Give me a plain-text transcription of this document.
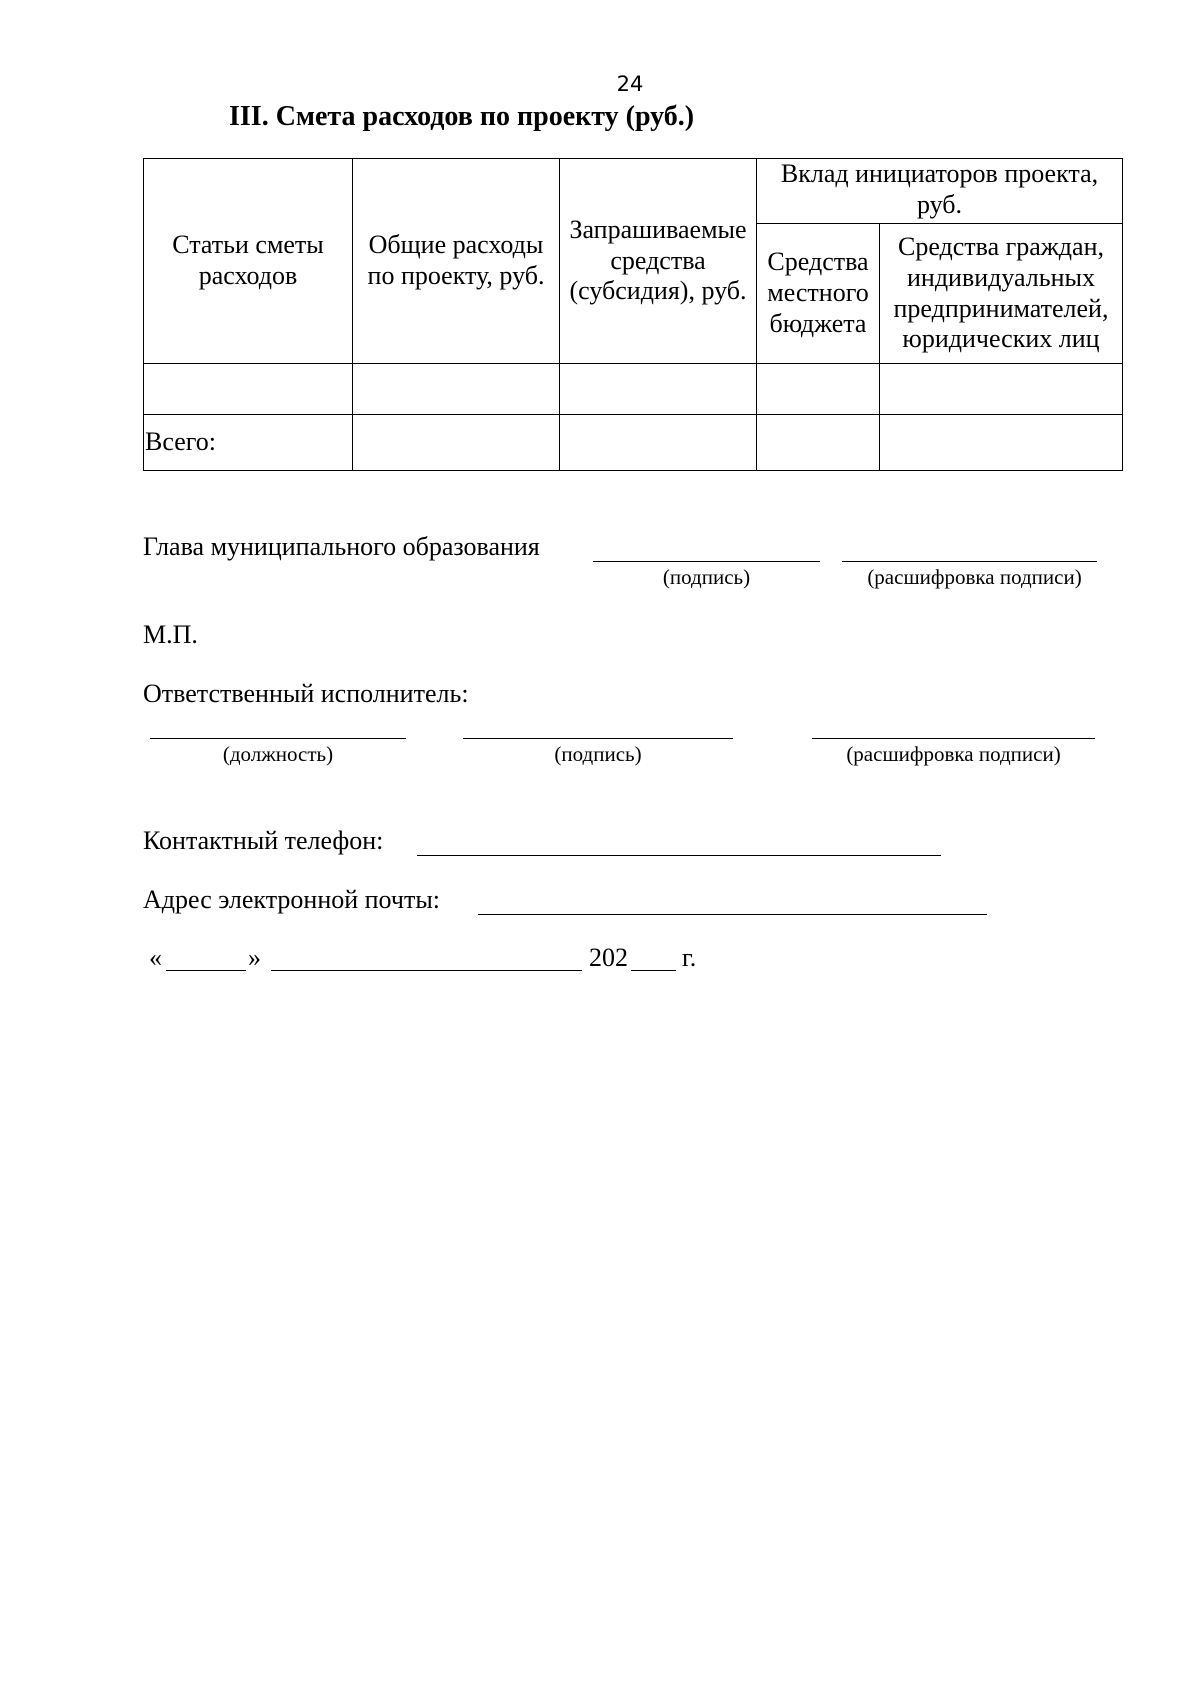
24
III. Смета расходов по проекту (руб.)
Статьи сметы расходов	Общие расходы по проекту, руб.	Запрашиваемые средства (субсидия), руб.	Вклад инициаторов проекта, руб.	
			Средства местного бюджета	Средства граждан, индивидуальных предпринимателей, юридических лиц

Всего:				
Глава муниципального образования
(подпись)	(расшифровка подписи)
М.П.
Ответственный исполнитель:
(должность)	(подпись)	(расшифровка подписи)
Контактный телефон:
Адрес электронной почты:
«	»	202 г.
